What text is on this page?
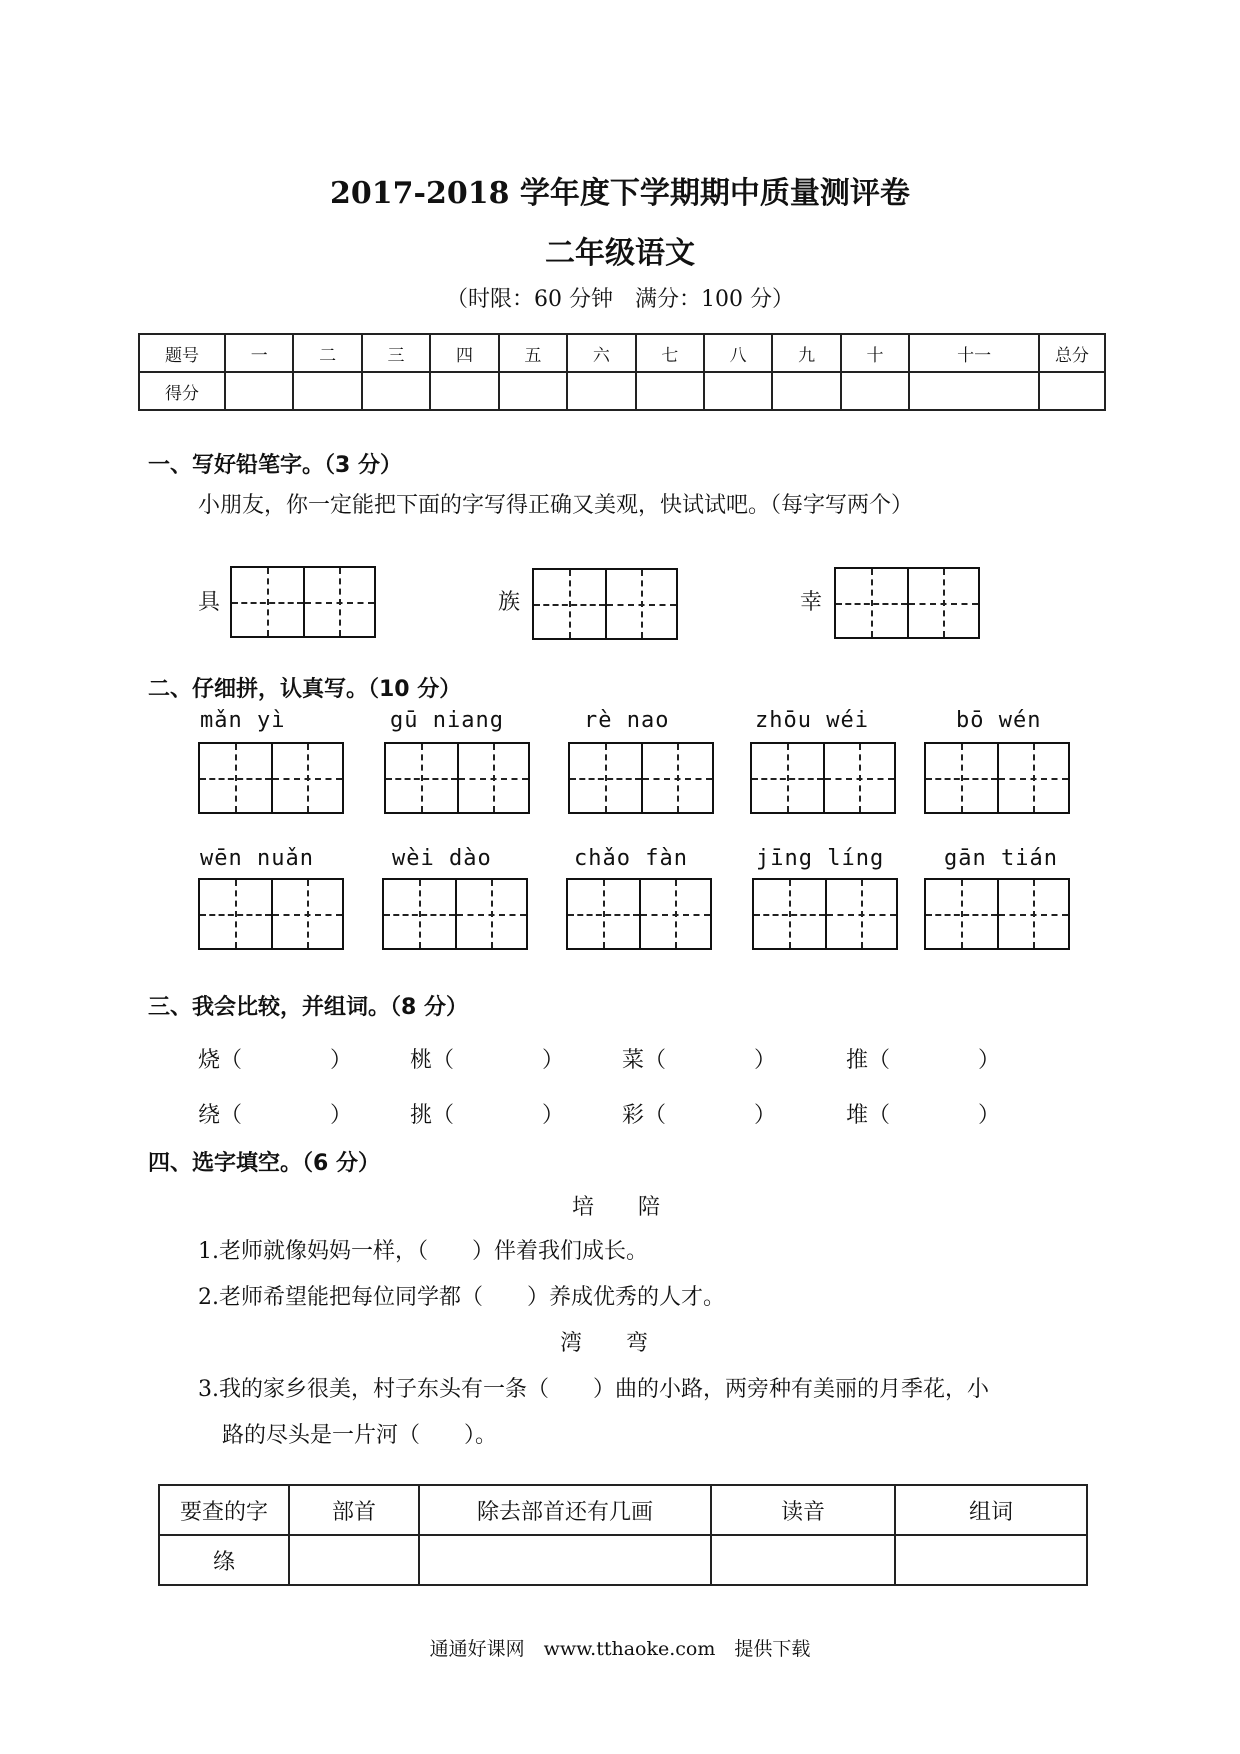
2017-2018 学年度下学期期中质量测评卷
二年级语文
（时限：60 分钟　满分：100 分）
题号	一	二	三	四	五	六	七	八	九	十	十一	总分
得分												
一、写好铅笔字。（3 分）
小朋友，你一定能把下面的字写得正确又美观，快试试吧。（每字写两个）
具	族	幸
二、仔细拼，认真写。（10 分）
mǎn yì	gū niang	rè nao	zhōu wéi	bō wén
wēn nuǎn	wèi dào	chǎo fàn	jīng líng	gān tián
三、我会比较，并组词。（8 分）
烧（　　　　）	桃（　　　　）	菜（　　　　）	推（　　　　）
绕（　　　　）	挑（　　　　）	彩（　　　　）	堆（　　　　）
四、选字填空。（6 分）
培　　陪
1.老师就像妈妈一样，（　　）伴着我们成长。
2.老师希望能把每位同学都（　　）养成优秀的人才。
湾　　弯
3.我的家乡很美，村子东头有一条（　　）曲的小路，两旁种有美丽的月季花，小
路的尽头是一片河（　　）。
要查的字	部首	除去部首还有几画	读音	组词
绦				
通通好课网　www.tthaoke.com　提供下载
